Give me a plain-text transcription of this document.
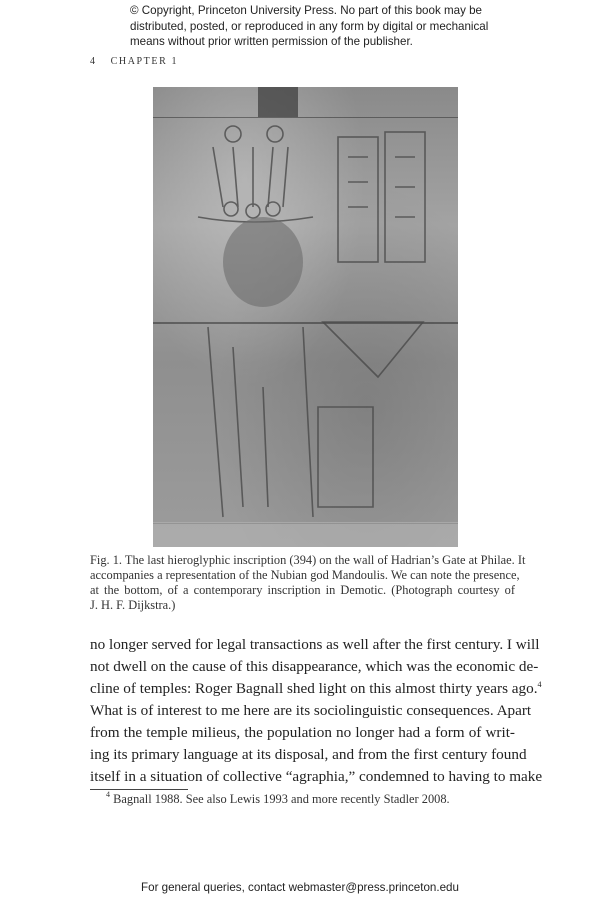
© Copyright, Princeton University Press. No part of this book may be
distributed, posted, or reproduced in any form by digital or mechanical
means without prior written permission of the publisher.
4 CHAPTER 1
Fig. 1. The last hieroglyphic inscription (394) on the wall of Hadrian’s Gate at Philae. It
accompanies a representation of the Nubian god Mandoulis. We can note the presence,
at the bottom, of a contemporary inscription in Demotic. (Photograph courtesy of
J. H. F. Dijkstra.)
no longer served for legal transactions as well after the first century. I will
not dwell on the cause of this disappearance, which was the economic de-
cline of temples: Roger Bagnall shed light on this almost thirty years ago.$^4$
What is of interest to me here are its sociolinguistic consequences. Apart
from the temple milieus, the population no longer had a form of writ-
ing its primary language at its disposal, and from the first century found
itself in a situation of collective “agraphia,” condemned to having to make
$^4$ Bagnall 1988. See also Lewis 1993 and more recently Stadler 2008.
For general queries, contact webmaster@press.princeton.edu
